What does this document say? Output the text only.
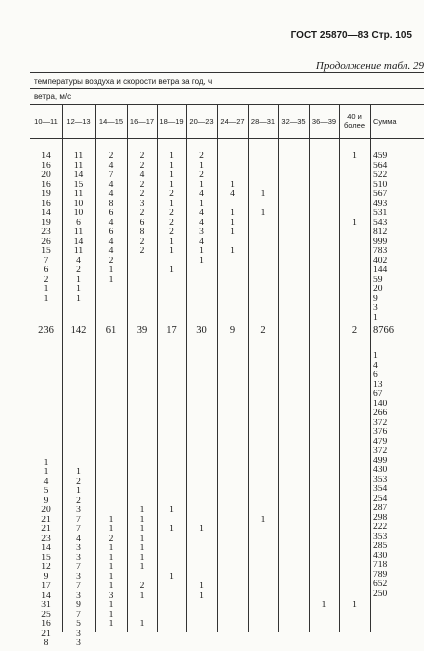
ГОСТ 25870—83 Стр. 105
Продолжение табл. 29
температуры воздуха и скорости ветра за год, ч
ветра, м/с
10—11
14
16
20
16
19
16
14
19
23
26
15
7
6
2
1
1
236
1
1
4
5
9
20
21
21
23
14
15
12
9
17
14
31
25
16
21
8
12—13
11
11
14
15
11
10
10
6
11
14
11
4
2
1
1
1
142
1
2
1
2
3
7
7
4
3
3
7
3
7
3
9
7
5
3
3
14—15
2
4
7
4
4
8
6
4
6
4
4
2
1
1
61
1
1
2
1
1
1
1
1
3
1
1
1
16—17
2
2
4
2
2
3
2
6
8
2
2
39
1
1
1
1
1
1
1
2
1
1
18—19
1
1
1
1
2
1
2
2
2
1
1
1
17
1
1
1
20—23
2
1
2
1
4
1
4
4
3
4
1
1
30
1
1
1
24—27
1
4
1
1
1
1
9
28—31
1
1
2
1
32—35 36—39
1
40 и более
1
1
2
1
Сумма
459
564
522
510
567
493
531
543
812
999
783
402
144
59
20
9
3
1
8766
1
4
6
13
67
140
266
372
376
479
372
499
430
353
354
254
287
298
222
353
285
430
718
789
652
250
